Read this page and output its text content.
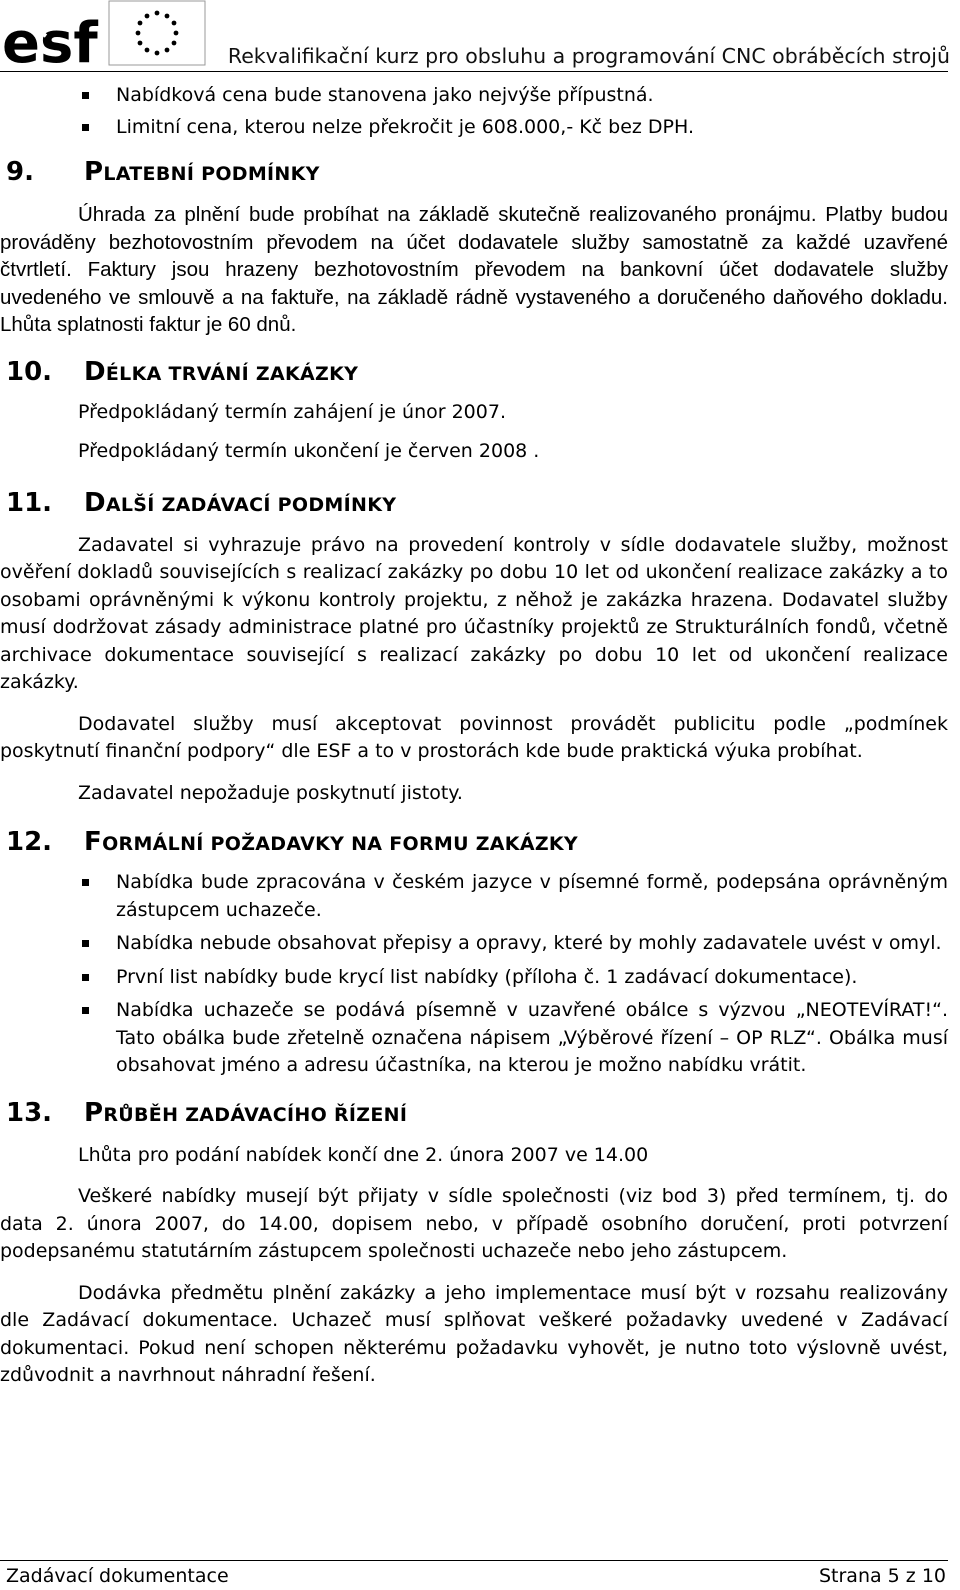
esf	Rekvalifikační kurz pro obsluhu a programování CNC obráběcích strojů
Nabídková cena bude stanovena jako nejvýše přípustná.
Limitní cena, kterou nelze překročit je 608.000,- Kč bez DPH.
9.	PLATEBNÍ PODMÍNKY

Úhrada za plnění bude probíhat na základě skutečně realizovaného pronájmu. Platby budou prováděny bezhotovostním převodem na účet dodavatele služby samostatně za každé uzavřené čtvrtletí. Faktury jsou hrazeny bezhotovostním převodem na bankovní účet dodavatele služby uvedeného ve smlouvě a na faktuře, na základě rádně vystaveného a doručeného daňového dokladu. Lhůta splatnosti faktur je 60 dnů.

10.	DÉLKA TRVÁNÍ ZAKÁZKY

Předpokládaný termín zahájení je únor 2007.

Předpokládaný termín ukončení je červen 2008 .

11.	DALŠÍ ZADÁVACÍ PODMÍNKY

Zadavatel si vyhrazuje právo na provedení kontroly v sídle dodavatele služby, možnost ověření dokladů souvisejících s realizací zakázky po dobu 10 let od ukončení realizace zakázky a to osobami oprávněnými k výkonu kontroly projektu, z něhož je zakázka hrazena. Dodavatel služby musí dodržovat zásady administrace platné pro účastníky projektů ze Strukturálních fondů, včetně archivace dokumentace související s realizací zakázky po dobu 10 let od ukončení realizace zakázky.

Dodavatel služby musí akceptovat povinnost provádět publicitu podle „podmínek poskytnutí finanční podpory“ dle ESF a to v prostorách kde bude praktická výuka probíhat.

Zadavatel nepožaduje poskytnutí jistoty.

12.	FORMÁLNÍ POŽADAVKY NA FORMU ZAKÁZKY
Nabídka bude zpracována v českém jazyce v písemné formě, podepsána oprávněným zástupcem uchazeče.
Nabídka nebude obsahovat přepisy a opravy, které by mohly zadavatele uvést v omyl.
První list nabídky bude krycí list nabídky (příloha č. 1 zadávací dokumentace).
Nabídka uchazeče se podává písemně v uzavřené obálce s výzvou „NEOTEVÍRAT!“. Tato obálka bude zřetelně označena nápisem „Výběrové řízení – OP RLZ“. Obálka musí obsahovat jméno a adresu účastníka, na kterou je možno nabídku vrátit.
13.	PRŮBĚH ZADÁVACÍHO ŘÍZENÍ

Lhůta pro podání nabídek končí dne 2. února 2007 ve 14.00

Veškeré nabídky musejí být přijaty v sídle společnosti (viz bod 3) před termínem, tj. do data 2. února 2007, do 14.00, dopisem nebo, v případě osobního doručení, proti potvrzení podepsanému statutárním zástupcem společnosti uchazeče nebo jeho zástupcem.

Dodávka předmětu plnění zakázky a jeho implementace musí být v rozsahu realizovány dle Zadávací dokumentace. Uchazeč musí splňovat veškeré požadavky uvedené v Zadávací dokumentaci. Pokud není schopen některému požadavku vyhovět, je nutno toto výslovně uvést, zdůvodnit a navrhnout náhradní řešení.

Zadávací dokumentace	Strana 5 z 10
